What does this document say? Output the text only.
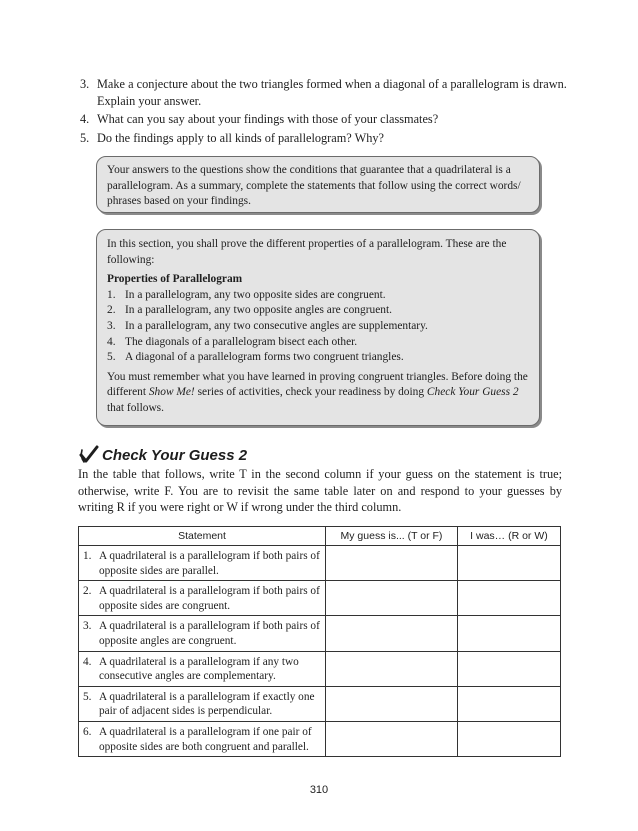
3. Make a conjecture about the two triangles formed when a diagonal of a parallelogram is drawn. Explain your answer.
4. What can you say about your findings with those of your classmates?
5. Do the findings apply to all kinds of parallelogram? Why?
Your answers to the questions show the conditions that guarantee that a quadrilateral is a parallelogram. As a summary, complete the statements that follow using the correct words/ phrases based on your findings.
In this section, you shall prove the different properties of a parallelogram. These are the following:
Properties of Parallelogram
1. In a parallelogram, any two opposite sides are congruent.
2. In a parallelogram, any two opposite angles are congruent.
3. In a parallelogram, any two consecutive angles are supplementary.
4. The diagonals of a parallelogram bisect each other.
5. A diagonal of a parallelogram forms two congruent triangles.
You must remember what you have learned in proving congruent triangles. Before doing the different Show Me! series of activities, check your readiness by doing Check Your Guess 2 that follows.
Check Your Guess 2
In the table that follows, write T in the second column if your guess on the statement is true; otherwise, write F. You are to revisit the same table later on and respond to your guesses by writing R if you were right or W if wrong under the third column.
Statement	My guess is... (T or F)	I was… (R or W)

1. A quadrilateral is a parallelogram if both pairs of opposite sides are parallel.		

2. A quadrilateral is a parallelogram if both pairs of opposite sides are congruent.		

3. A quadrilateral is a parallelogram if both pairs of opposite angles are congruent.		

4. A quadrilateral is a parallelogram if any two consecutive angles are complementary.		

5. A quadrilateral is a parallelogram if exactly one pair of adjacent sides is perpendicular.		

6. A quadrilateral is a parallelogram if one pair of opposite sides are both congruent and parallel.		

310
